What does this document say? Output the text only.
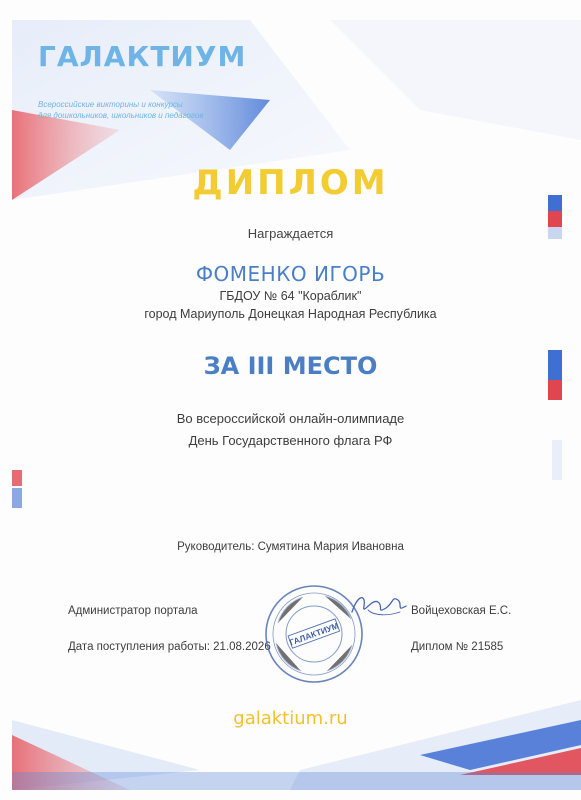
ГАЛАКТИУМ
Всероссийские викторины и конкурсы
для дошкольников, школьников и педагогов
ДИПЛОМ
Награждается
ФОМЕНКО ИГОРЬ
ГБДОУ № 64 "Кораблик"
город Мариуполь Донецкая Народная Республика
ЗА III МЕСТО
Во всероссийской онлайн-олимпиаде
День Государственного флага РФ
Руководитель: Сумятина Мария Ивановна
Администратор портала	Войцеховская Е.С.
Дата поступления работы: 21.08.2026	Диплом № 21585
ГАЛАКТИУМ
galaktium.ru
